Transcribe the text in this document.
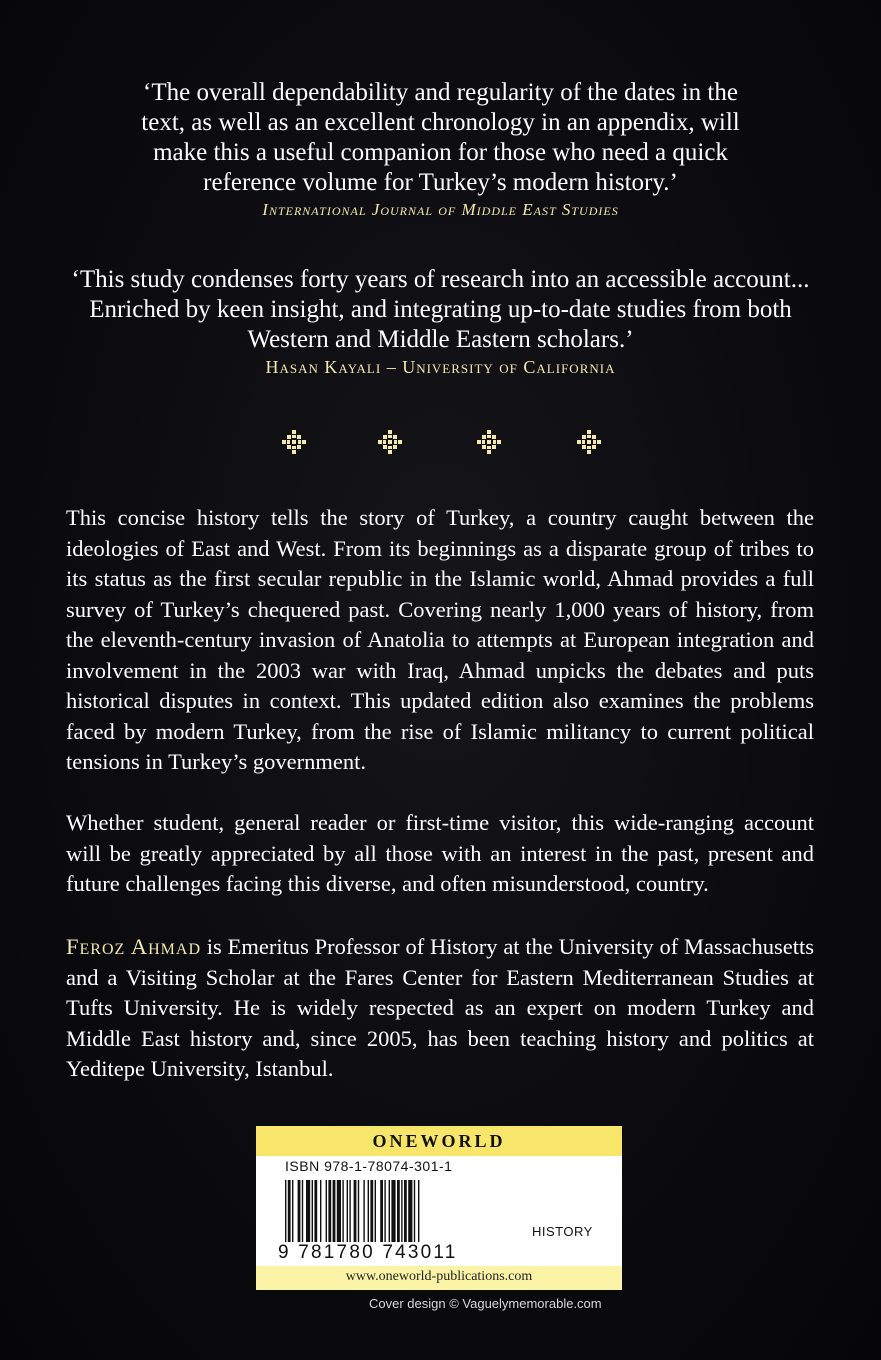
‘The overall dependability and regularity of the dates in the text, as well as an excellent chronology in an appendix, will make this a useful companion for those who need a quick reference volume for Turkey’s modern history.’
International Journal of Middle East Studies
‘This study condenses forty years of research into an accessible account... Enriched by keen insight, and integrating up-to-date studies from both Western and Middle Eastern scholars.’
Hasan Kayali – University of California
This concise history tells the story of Turkey, a country caught between the ideologies of East and West. From its beginnings as a disparate group of tribes to its status as the first secular republic in the Islamic world, Ahmad provides a full survey of Turkey’s chequered past. Covering nearly 1,000 years of history, from the eleventh-century invasion of Anatolia to attempts at European integration and involvement in the 2003 war with Iraq, Ahmad unpicks the debates and puts historical disputes in context. This updated edition also examines the problems faced by modern Turkey, from the rise of Islamic militancy to current political tensions in Turkey’s government.
Whether student, general reader or first-time visitor, this wide-ranging account will be greatly appreciated by all those with an interest in the past, present and future challenges facing this diverse, and often misunderstood, country.
Feroz Ahmad is Emeritus Professor of History at the University of Massachusetts and a Visiting Scholar at the Fares Center for Eastern Mediterranean Studies at Tufts University. He is widely respected as an expert on modern Turkey and Middle East history and, since 2005, has been teaching history and politics at Yeditepe University, Istanbul.
ONEWORLD
ISBN 978-1-78074-301-1
9 781780 743011
HISTORY
www.oneworld-publications.com
Cover design © Vaguelymemorable.com
